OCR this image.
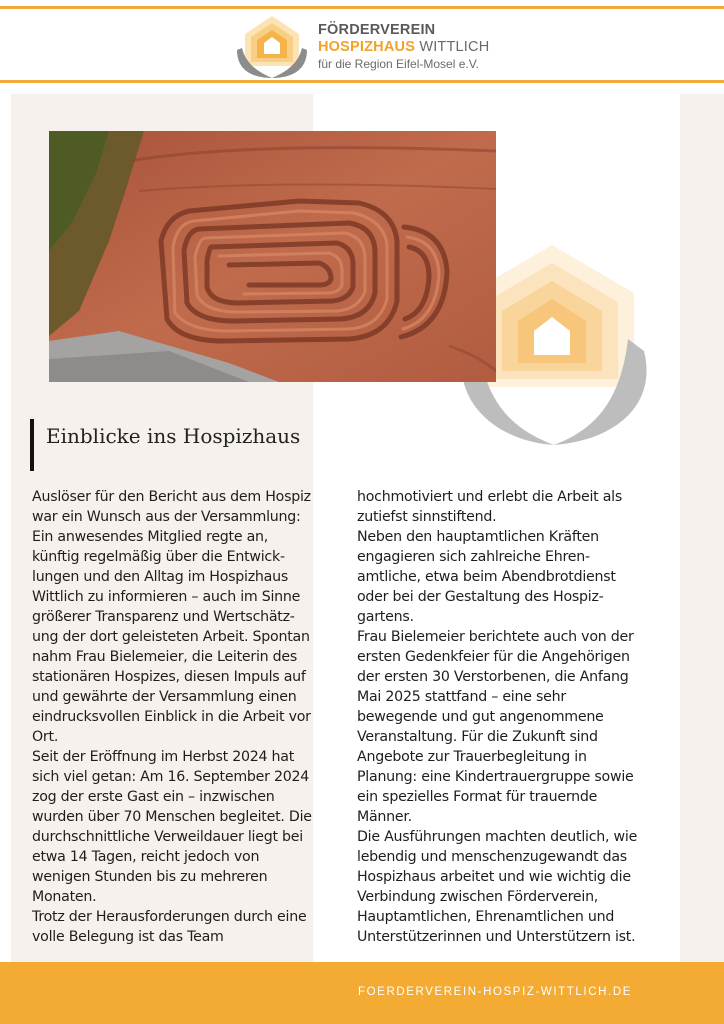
FÖRDERVEREIN
HOSPIZHAUS WITTLICH
für die Region Eifel-Mosel e.V.
Einblicke ins Hospizhaus

Auslöser für den Bericht aus dem Hospiz

war ein Wunsch aus der Versammlung:

Ein anwesendes Mitglied regte an,

künftig regelmäßig über die Entwick-

lungen und den Alltag im Hospizhaus

Wittlich zu informieren – auch im Sinne

größerer Transparenz und Wertschätz-

ung der dort geleisteten Arbeit. Spontan

nahm Frau Bielemeier, die Leiterin des

stationären Hospizes, diesen Impuls auf

und gewährte der Versammlung einen

eindrucksvollen Einblick in die Arbeit vor

Ort.

Seit der Eröffnung im Herbst 2024 hat

sich viel getan: Am 16. September 2024

zog der erste Gast ein – inzwischen

wurden über 70 Menschen begleitet. Die

durchschnittliche Verweildauer liegt bei

etwa 14 Tagen, reicht jedoch von

wenigen Stunden bis zu mehreren

Monaten.

Trotz der Herausforderungen durch eine

volle Belegung ist das Team

hochmotiviert und erlebt die Arbeit als

zutiefst sinnstiftend.

Neben den hauptamtlichen Kräften

engagieren sich zahlreiche Ehren-

amtliche, etwa beim Abendbrotdienst

oder bei der Gestaltung des Hospiz-

gartens.

Frau Bielemeier berichtete auch von der

ersten Gedenkfeier für die Angehörigen

der ersten 30 Verstorbenen, die Anfang

Mai 2025 stattfand – eine sehr

bewegende und gut angenommene

Veranstaltung. Für die Zukunft sind

Angebote zur Trauerbegleitung in

Planung: eine Kindertrauergruppe sowie

ein spezielles Format für trauernde

Männer.

Die Ausführungen machten deutlich, wie

lebendig und menschenzugewandt das

Hospizhaus arbeitet und wie wichtig die

Verbindung zwischen Förderverein,

Hauptamtlichen, Ehrenamtlichen und

Unterstützerinnen und Unterstützern ist.

FOERDERVEREIN-HOSPIZ-WITTLICH.DE
